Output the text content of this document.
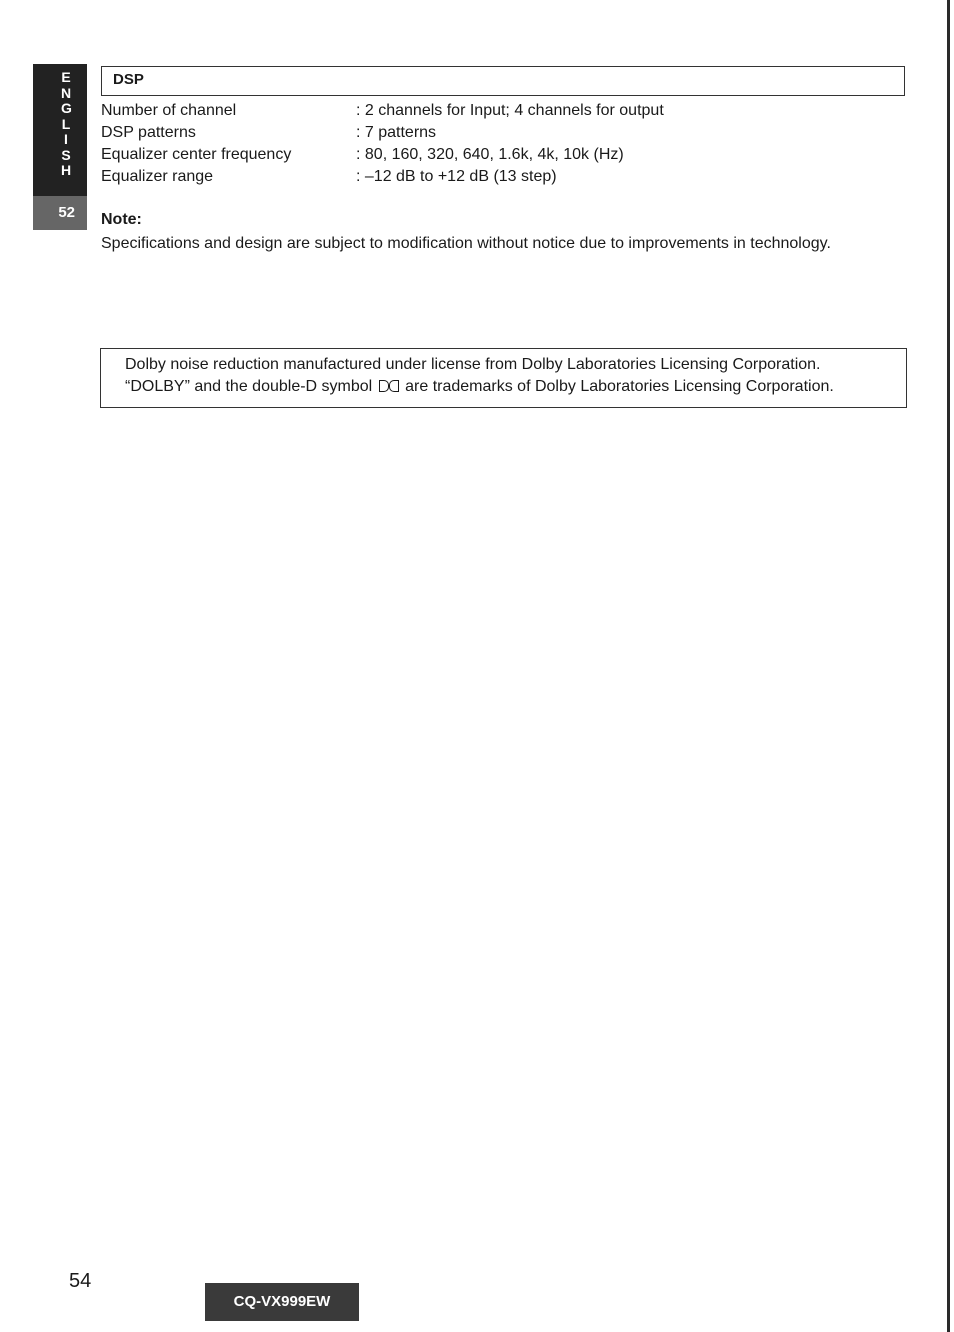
E
N
G
L
I
S
H
52
DSP
Number of channel	: 2 channels for Input; 4 channels for output
DSP patterns	: 7 patterns
Equalizer center frequency	: 80, 160, 320, 640, 1.6k, 4k, 10k (Hz)
Equalizer range	: –12 dB to +12 dB (13 step)
Note:
Specifications and design are subject to modification without notice due to improvements in technology.
Dolby noise reduction manufactured under license from Dolby Laboratories Licensing Corporation.
“DOLBY” and the double-D symbol are trademarks of Dolby Laboratories Licensing Corporation.
54
CQ-VX999EW
